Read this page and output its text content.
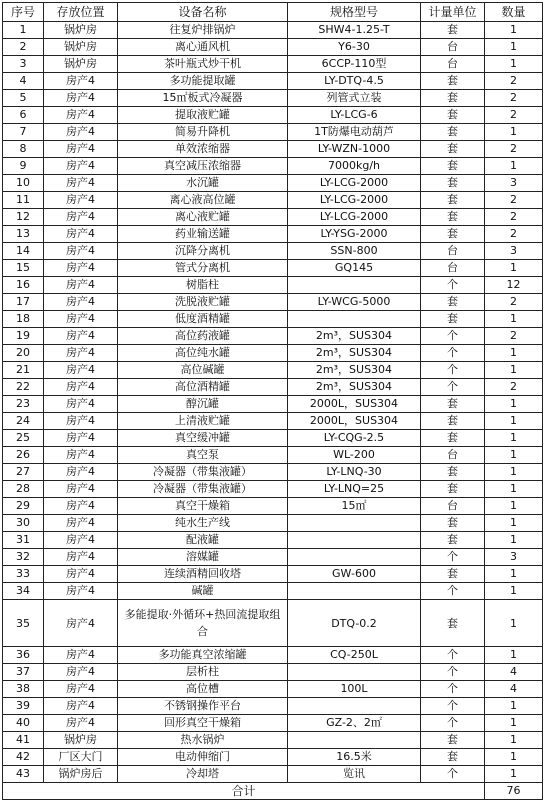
序号	存放位置	设备名称	规格型号	计量单位	数量
1	锅炉房	往复炉排锅炉	SHW4-1.25-T	套	1
2	锅炉房	离心通风机	Y6-30	台	1
3	锅炉房	茶叶瓶式炒干机	6CCP-110型	台	1
4	房产4	多功能提取罐	LY-DTQ-4.5	套	2
5	房产4	15㎡板式冷凝器	列管式立装	套	2
6	房产4	提取液贮罐	LY-LCG-6	套	2
7	房产4	简易升降机	1T防爆电动葫芦	套	1
8	房产4	单效浓缩器	LY-WZN-1000	套	2
9	房产4	真空减压浓缩器	7000kg/h	套	1
10	房产4	水沉罐	LY-LCG-2000	套	3
11	房产4	离心液高位罐	LY-LCG-2000	套	2
12	房产4	离心液贮罐	LY-LCG-2000	套	2
13	房产4	药业输送罐	LY-YSG-2000	套	2
14	房产4	沉降分离机	SSN-800	台	3
15	房产4	管式分离机	GQ145	台	1
16	房产4	树脂柱		个	12
17	房产4	洗脱液贮罐	LY-WCG-5000	套	2
18	房产4	低度酒精罐		套	1
19	房产4	高位药液罐	2m³，SUS304	个	2
20	房产4	高位纯水罐	2m³，SUS304	个	1
21	房产4	高位碱罐	2m³，SUS304	个	1
22	房产4	高位酒精罐	2m³，SUS304	个	2
23	房产4	醇沉罐	2000L，SUS304	套	1
24	房产4	上清液贮罐	2000L，SUS304	套	1
25	房产4	真空缓冲罐	LY-CQG-2.5	套	1
26	房产4	真空泵	WL-200	台	1
27	房产4	冷凝器（带集液罐）	LY-LNQ-30	套	1
28	房产4	冷凝器（带集液罐）	LY-LNQ=25	套	1
29	房产4	真空干燥箱	15㎡	台	1
30	房产4	纯水生产线		套	1
31	房产4	配液罐		套	1
32	房产4	溶媒罐		个	3
33	房产4	连续酒精回收塔	GW-600	套	1
34	房产4	碱罐		个	1
35	房产4	多能提取·外循环+热回流提取组合	DTQ-0.2	套	1
36	房产4	多功能真空浓缩罐	CQ-250L	个	1
37	房产4	层析柱		个	4
38	房产4	高位槽	100L	个	4
39	房产4	不锈钢操作平台		个	1
40	房产4	回形真空干燥箱	GZ-2、2㎡	个	1
41	锅炉房	热水锅炉		套	1
42	厂区大门	电动伸缩门	16.5米	套	1
43	锅炉房后	冷却塔	览讯	个	1
合计					76
